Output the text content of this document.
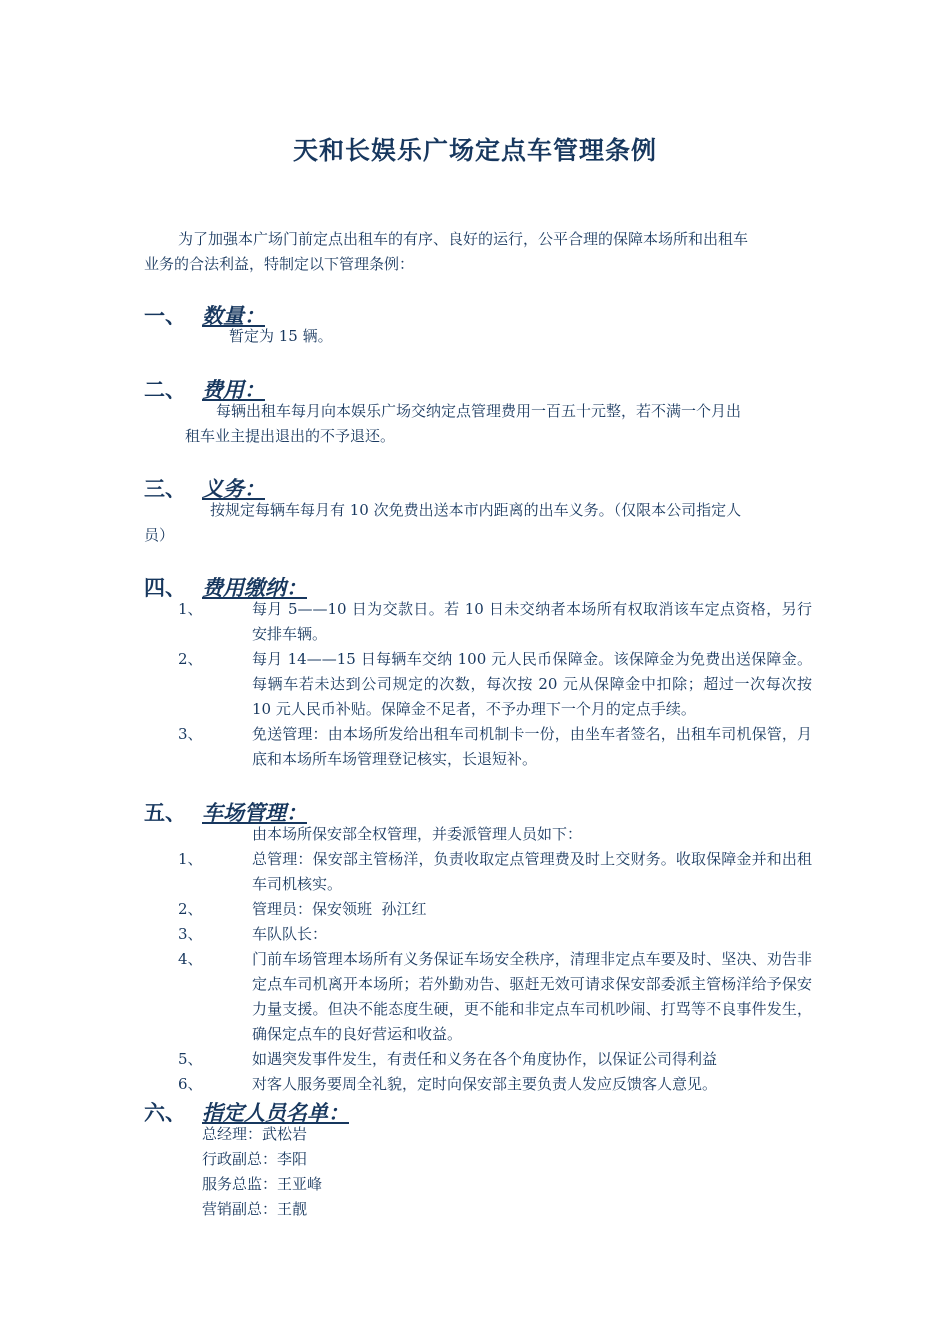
天和长娱乐广场定点车管理条例
为了加强本广场门前定点出租车的有序、良好的运行，公平合理的保障本场所和出租车
业务的合法利益，特制定以下管理条例：
一、 数量：
暂定为 15 辆。
二、 费用：
每辆出租车每月向本娱乐广场交纳定点管理费用一百五十元整，若不满一个月出
租车业主提出退出的不予退还。
三、 义务：
按规定每辆车每月有 10 次免费出送本市内距离的出车义务。（仅限本公司指定人
员）
四、 费用缴纳：
1、	每月 5——10 日为交款日。若 10 日未交纳者本场所有权取消该车定点资格，另行安排车辆。
2、	每月 14——15 日每辆车交纳 100 元人民币保障金。该保障金为免费出送保障金。每辆车若未达到公司规定的次数，每次按 20 元从保障金中扣除；超过一次每次按 10 元人民币补贴。保障金不足者，不予办理下一个月的定点手续。
3、	免送管理：由本场所发给出租车司机制卡一份，由坐车者签名，出租车司机保管，月底和本场所车场管理登记核实，长退短补。
五、 车场管理：
由本场所保安部全权管理，并委派管理人员如下：
1、	总管理：保安部主管杨洋，负责收取定点管理费及时上交财务。收取保障金并和出租车司机核实。
2、	管理员：保安领班  孙江红
3、	车队队长：
4、	门前车场管理本场所有义务保证车场安全秩序，清理非定点车要及时、坚决、劝告非定点车司机离开本场所；若外勤劝告、驱赶无效可请求保安部委派主管杨洋给予保安力量支援。但决不能态度生硬，更不能和非定点车司机吵闹、打骂等不良事件发生，确保定点车的良好营运和收益。
5、	如遇突发事件发生，有责任和义务在各个角度协作，以保证公司得利益
6、	对客人服务要周全礼貌，定时向保安部主要负责人发应反馈客人意见。
六、 指定人员名单：
总经理：武松岩
行政副总：李阳
服务总监：王亚峰
营销副总：王靓
